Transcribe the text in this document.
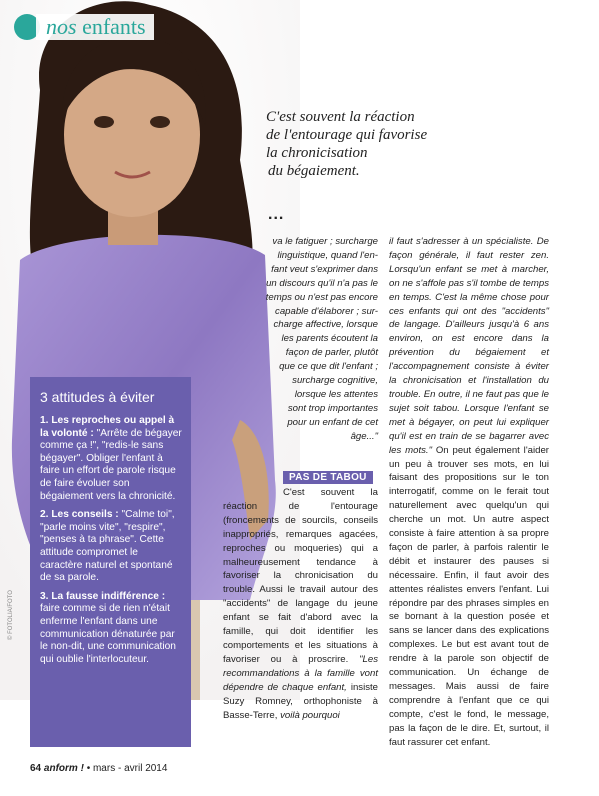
nos enfants
C'est souvent la réaction
de l'entourage qui favorise
la chronicisation
du bégaiement.
...

va le fatiguer ; surcharge

linguistique, quand l'en-

fant veut s'exprimer dans

un discours qu'il n'a pas le

temps ou n'est pas encore

capable d'élaborer ; sur-

charge affective, lorsque

les parents écoutent la

façon de parler, plutôt

que ce que dit l'enfant ;

surcharge cognitive,

lorsque les attentes

sont trop importantes

pour un enfant de cet

âge..."

PAS DE TABOU
C'est souvent la réaction de l'entourage (froncements de sourcils, conseils inappropriés, remarques agacées, reproches ou moqueries) qui a malheureusement tendance à favoriser la chronicisation du trouble. Aussi le travail autour des "accidents" de langage du jeune enfant se fait d'abord avec la famille, qui doit identifier les comportements et les situations à favoriser ou à proscrire. "Les recommandations à la famille vont dépendre de chaque enfant, insiste Suzy Romney, orthophoniste à Basse-Terre, voilà pourquoi
il faut s'adresser à un spécialiste. De façon générale, il faut rester zen. Lorsqu'un enfant se met à marcher, on ne s'affole pas s'il tombe de temps en temps. C'est la même chose pour ces enfants qui ont des "accidents" de langage. D'ailleurs jusqu'à 6 ans environ, on est encore dans la prévention du bégaiement et l'accompagnement consiste à éviter la chronicisation et l'installation du trouble. En outre, il ne faut pas que le sujet soit tabou. Lorsque l'enfant se met à bégayer, on peut lui expliquer qu'il est en train de se bagarrer avec les mots." On peut également l'aider un peu à trouver ses mots, en lui faisant des propositions sur le ton interrogatif, comme on le ferait tout naturellement avec quelqu'un qui cherche un mot. Un autre aspect consiste à faire attention à sa propre façon de parler, à parfois ralentir le débit et instaurer des pauses si nécessaire. Enfin, il faut avoir des attentes réalistes envers l'enfant. Lui répondre par des phrases simples en se bornant à la question posée et sans se lancer dans des explications complexes. Le but est avant tout de rendre à la parole son objectif de communication. Un échange de messages. Mais aussi de faire comprendre à l'enfant que ce qui compte, c'est le fond, le message, pas la façon de le dire. Et, surtout, il faut rassurer cet enfant.
3 attitudes à éviter
1. Les reproches ou appel à la volonté : "Arrête de bégayer comme ça !", "redis-le sans bégayer". Obliger l'enfant à faire un effort de parole risque de faire évoluer son bégaiement vers la chronicité.
2. Les conseils : "Calme toi", "parle moins vite", "respire", "penses à ta phrase". Cette attitude compromet le caractère naturel et spontané de sa parole.
3. La fausse indifférence : faire comme si de rien n'était enferme l'enfant dans une communication dénaturée par le non-dit, une communication qui oublie l'interlocuteur.
© FOTOLIA/FOTO
64 anform ! • mars - avril 2014
